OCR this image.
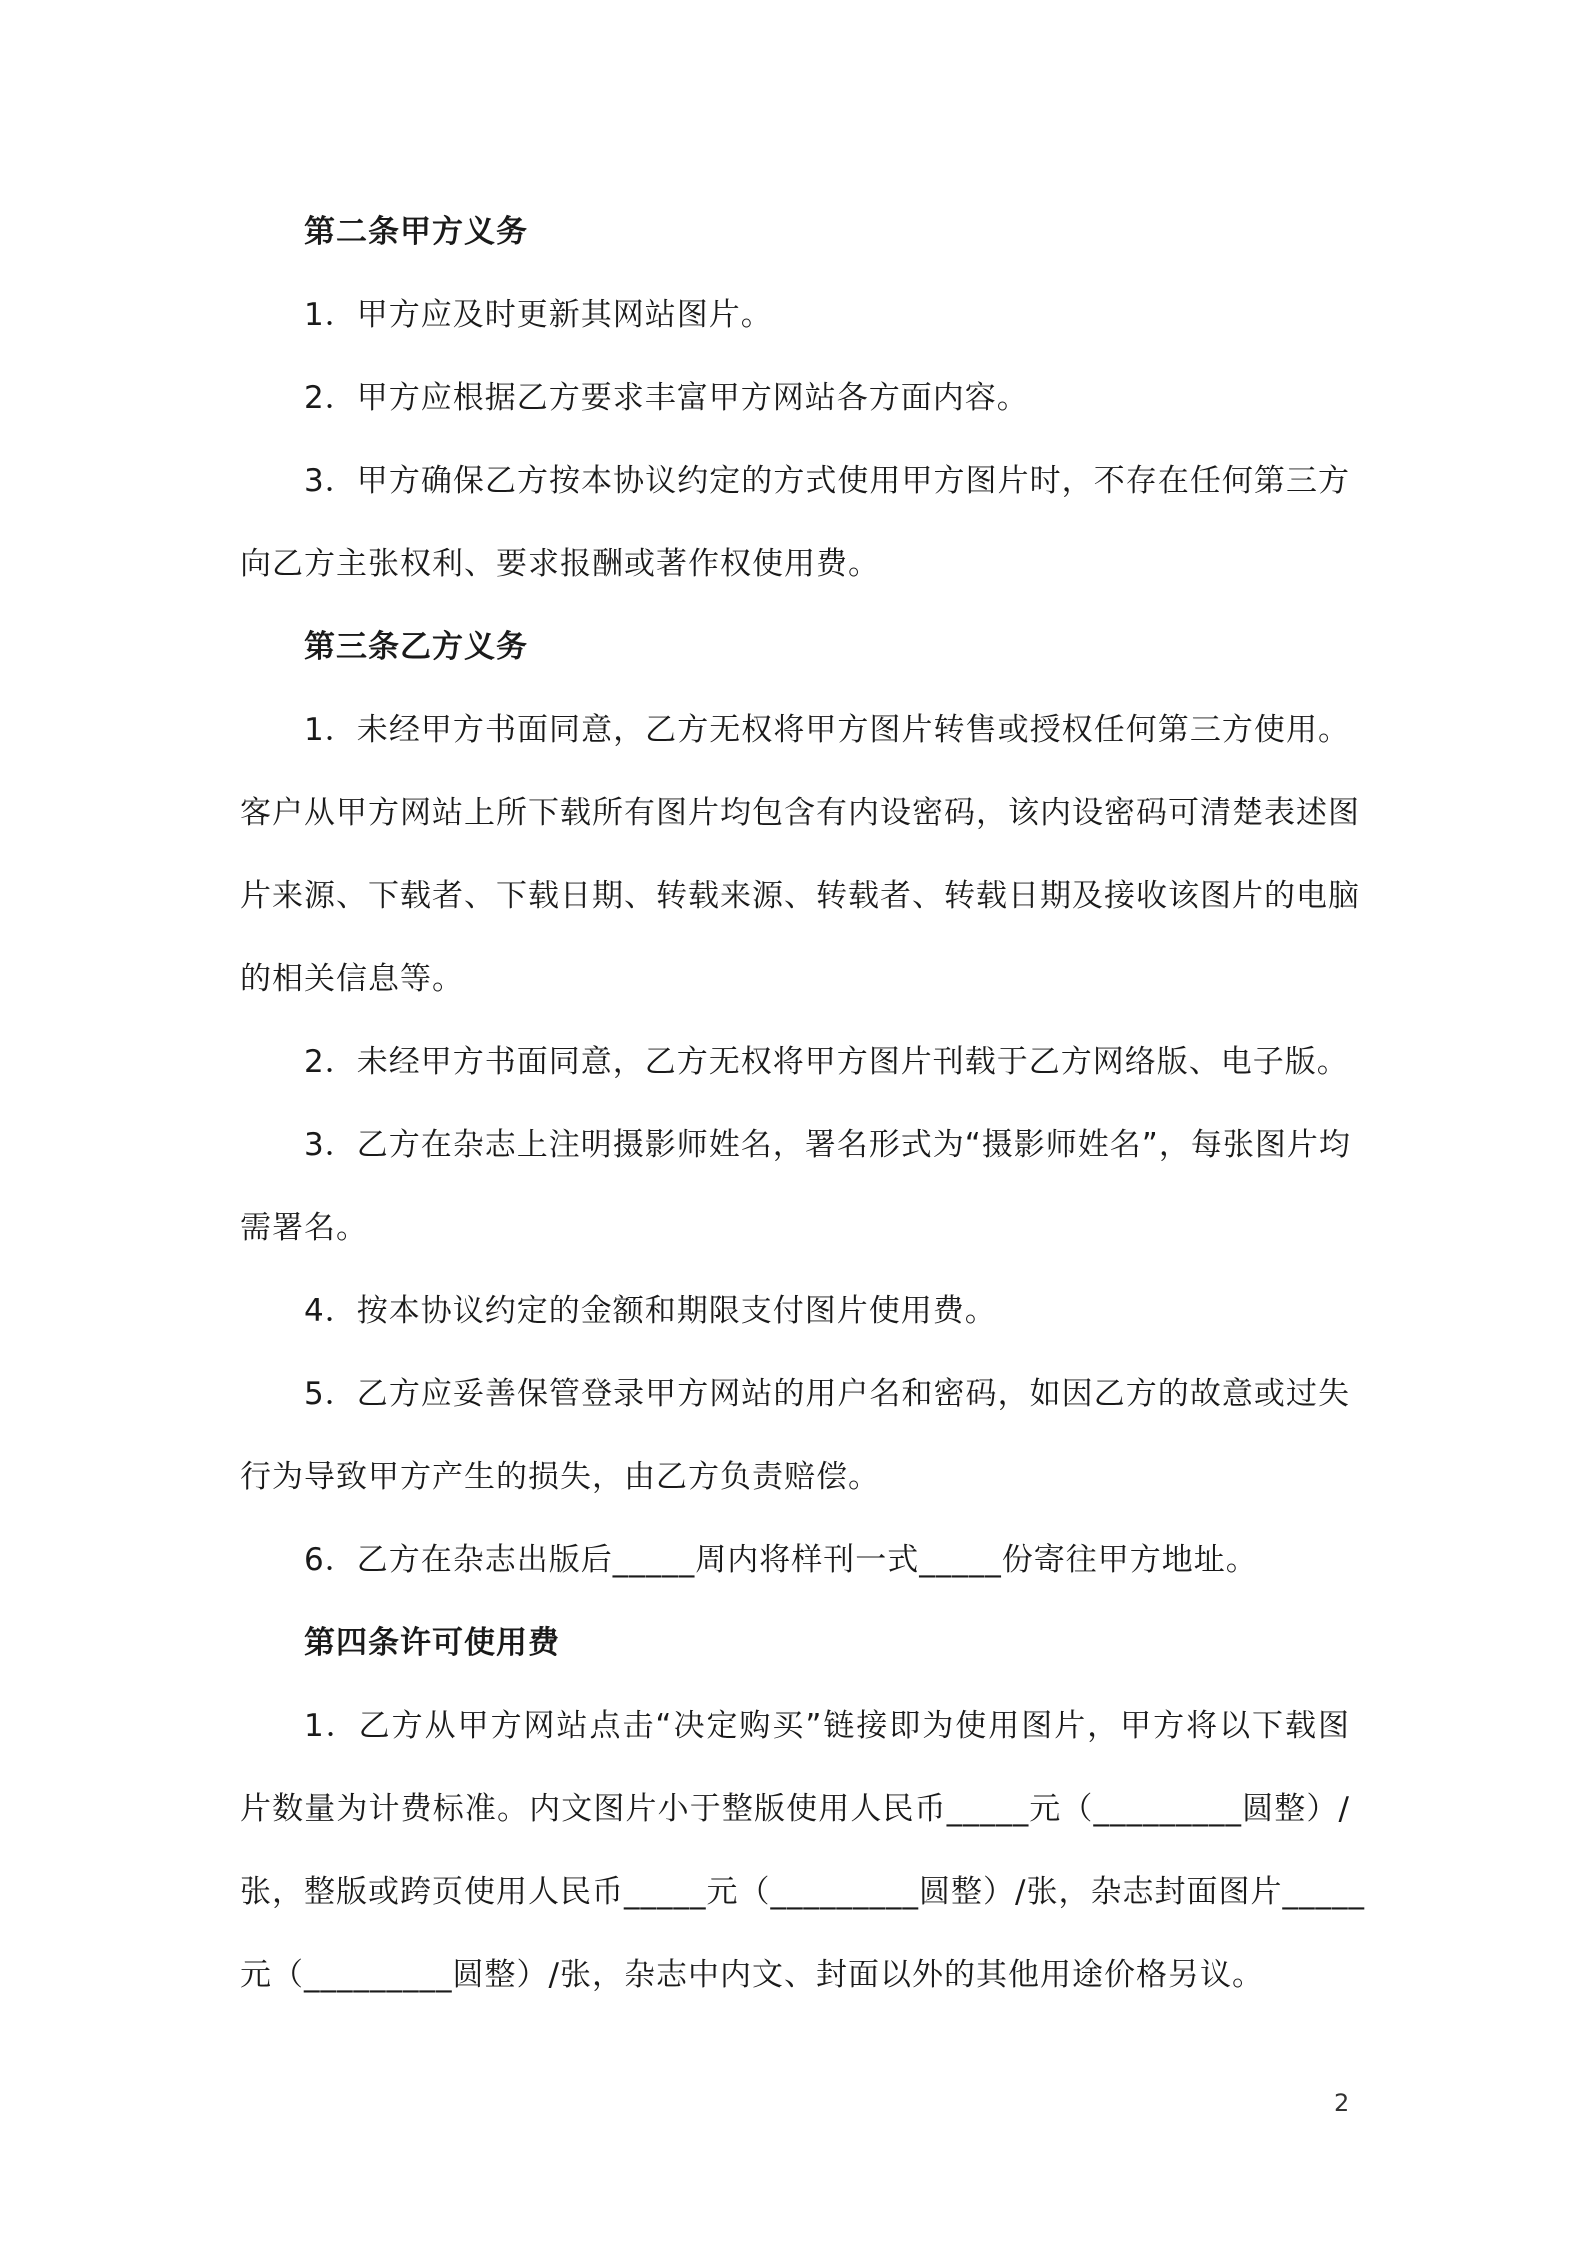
第二条甲方义务
1．甲方应及时更新其网站图片。
2．甲方应根据乙方要求丰富甲方网站各方面内容。
3．甲方确保乙方按本协议约定的方式使用甲方图片时，不存在任何第三方
向乙方主张权利、要求报酬或著作权使用费。
第三条乙方义务
1．未经甲方书面同意，乙方无权将甲方图片转售或授权任何第三方使用。
客户从甲方网站上所下载所有图片均包含有内设密码，该内设密码可清楚表述图
片来源、下载者、下载日期、转载来源、转载者、转载日期及接收该图片的电脑
的相关信息等。
2．未经甲方书面同意，乙方无权将甲方图片刊载于乙方网络版、电子版。
3．乙方在杂志上注明摄影师姓名，署名形式为“摄影师姓名”，每张图片均
需署名。
4．按本协议约定的金额和期限支付图片使用费。
5．乙方应妥善保管登录甲方网站的用户名和密码，如因乙方的故意或过失
行为导致甲方产生的损失，由乙方负责赔偿。
6．乙方在杂志出版后_____周内将样刊一式_____份寄往甲方地址。
第四条许可使用费
1．乙方从甲方网站点击“决定购买”链接即为使用图片，甲方将以下载图
片数量为计费标准。内文图片小于整版使用人民币_____元（_________圆整）/
张，整版或跨页使用人民币_____元（_________圆整）/张，杂志封面图片_____
元（_________圆整）/张，杂志中内文、封面以外的其他用途价格另议。
2
